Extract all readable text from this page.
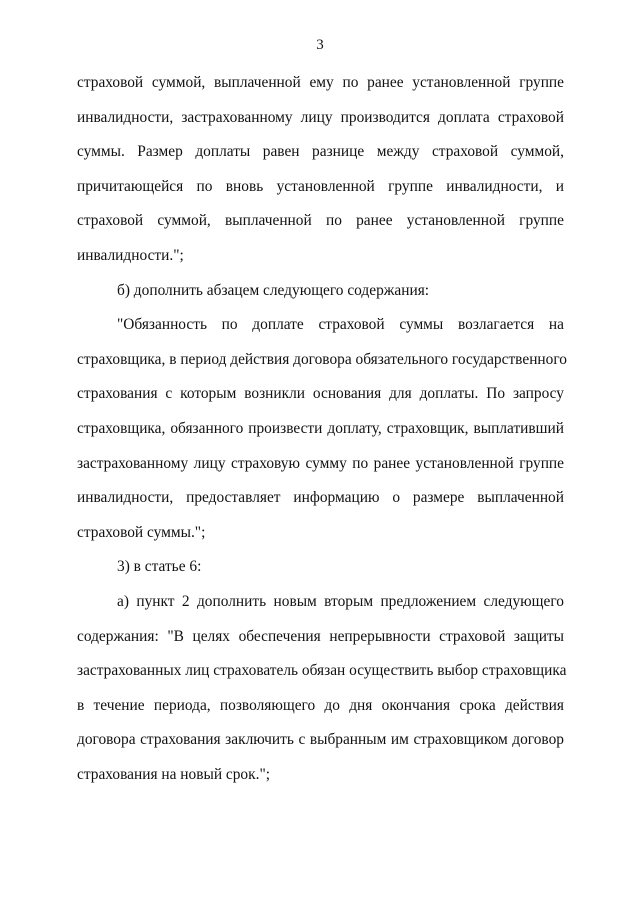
3
страховой суммой, выплаченной ему по ранее установленной группе
инвалидности, застрахованному лицу производится доплата страховой
суммы. Размер доплаты равен разнице между страховой суммой,
причитающейся по вновь установленной группе инвалидности, и
страховой суммой, выплаченной по ранее установленной группе
инвалидности.";
б) дополнить абзацем следующего содержания:
"Обязанность по доплате страховой суммы возлагается на
страховщика, в период действия договора обязательного государственного
страхования с которым возникли основания для доплаты. По запросу
страховщика, обязанного произвести доплату, страховщик, выплативший
застрахованному лицу страховую сумму по ранее установленной группе
инвалидности, предоставляет информацию о размере выплаченной
страховой суммы.";
3) в статье 6:
а) пункт 2 дополнить новым вторым предложением следующего
содержания: "В целях обеспечения непрерывности страховой защиты
застрахованных лиц страхователь обязан осуществить выбор страховщика
в течение периода, позволяющего до дня окончания срока действия
договора страхования заключить с выбранным им страховщиком договор
страхования на новый срок.";
